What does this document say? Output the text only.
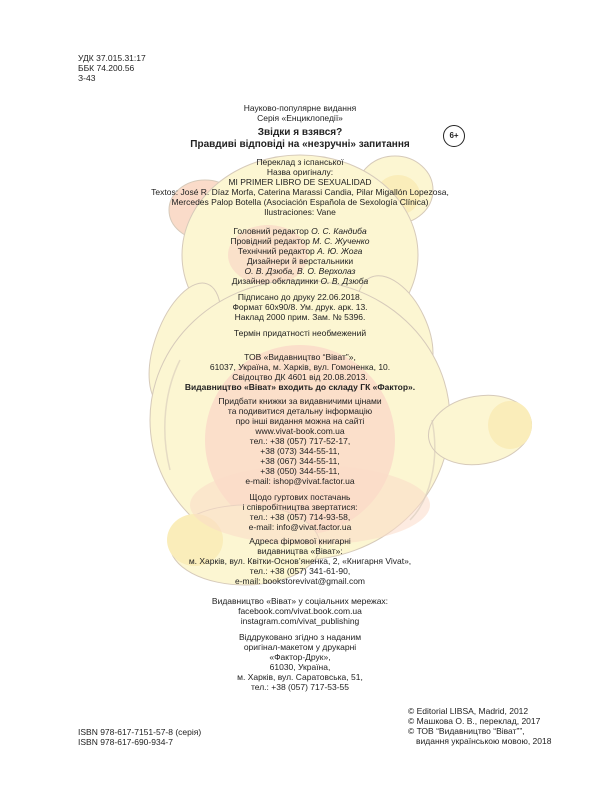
УДК 37.015.31:17
ББК 74.200.56
З-43
Науково-популярне видання
Серія «Енциклопедії»
Звідки я взявся?
Правдиві відповіді на «незручні» запитання
6+
Переклад з іспанської
Назва оригіналу:
MI PRIMER LIBRO DE SEXUALIDAD
Textos: José R. Díaz Morfa, Caterina Marassi Candia, Pilar Migallón Lopezosa,
Mercedes Palop Botella (Asociación Española de Sexología Clínica)
Ilustraciones: Vane
Головний редактор О. С. Кандиба
Провідний редактор М. С. Жученко
Технічний редактор А. Ю. Жога
Дизайнери й верстальники
О. В. Дзюба, В. О. Верхолаз
Дизайнер обкладинки О. В. Дзюба
Підписано до друку 22.06.2018.
Формат 60х90/8. Ум. друк. арк. 13.
Наклад 2000 прим. Зам. № 5396.
Термін придатності необмежений
ТОВ «Видавництво “Віват”»,
61037, Україна, м. Харків, вул. Гомоненка, 10.
Свідоцтво ДК 4601 від 20.08.2013.
Видавництво «Віват» входить до складу ГК «Фактор».
Придбати книжки за видавничими цінами
та подивитися детальну інформацію
про інші видання можна на сайті
www.vivat-book.com.ua
тел.: +38 (057) 717-52-17,
+38 (073) 344-55-11,
+38 (067) 344-55-11,
+38 (050) 344-55-11,
e-mail: ishop@vivat.factor.ua
Щодо гуртових постачань
і співробітництва звертатися:
тел.: +38 (057) 714-93-58,
e-mail: info@vivat.factor.ua
Адреса фірмової книгарні
видавництва «Віват»:
м. Харків, вул. Квітки-Основ’яненка, 2, «Книгарня Vivat»,
тел.: +38 (057) 341-61-90,
e-mail: bookstorevivat@gmail.com
Видавництво «Віват» у соціальних мережах:
facebook.com/vivat.book.com.ua
instagram.com/vivat_publishing
Віддруковано згідно з наданим
оригінал-макетом у друкарні
«Фактор-Друк»,
61030, Україна,
м. Харків, вул. Саратовська, 51,
тел.: +38 (057) 717-53-55
ISBN 978-617-7151-57-8 (серія)
ISBN 978-617-690-934-7
© Editorial LIBSA, Madrid, 2012
© Машкова О. В., переклад, 2017
© ТОВ “Видавництво “Віват””,
видання українською мовою, 2018
